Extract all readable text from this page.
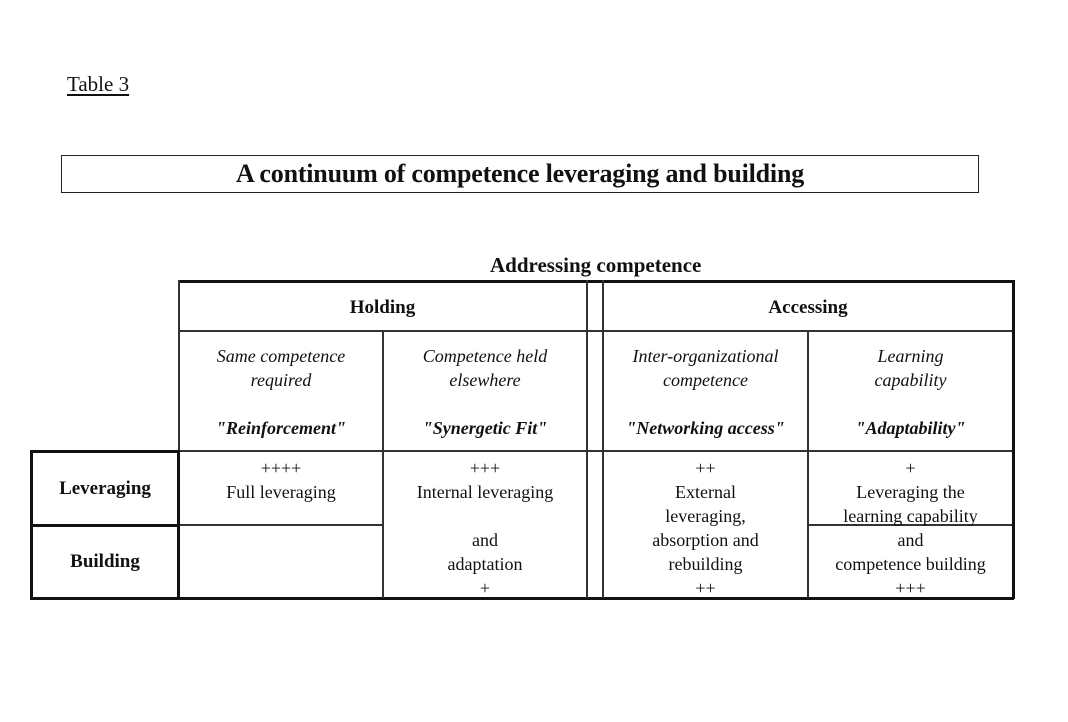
Table 3
A continuum of competence leveraging and building
Addressing competence
Holding	Accessing
Same competence
required
"Reinforcement"
Competence held
elsewhere
"Synergetic Fit"
Inter-organizational
competence
"Networking access"
Learning
capability
"Adaptability"
Leveraging
Building
++++
Full leveraging
+++
Internal leveraging
++
External
leveraging,
+
Leveraging the
learning capability
and
adaptation
+
absorption and
rebuilding
++
and
competence building
+++
